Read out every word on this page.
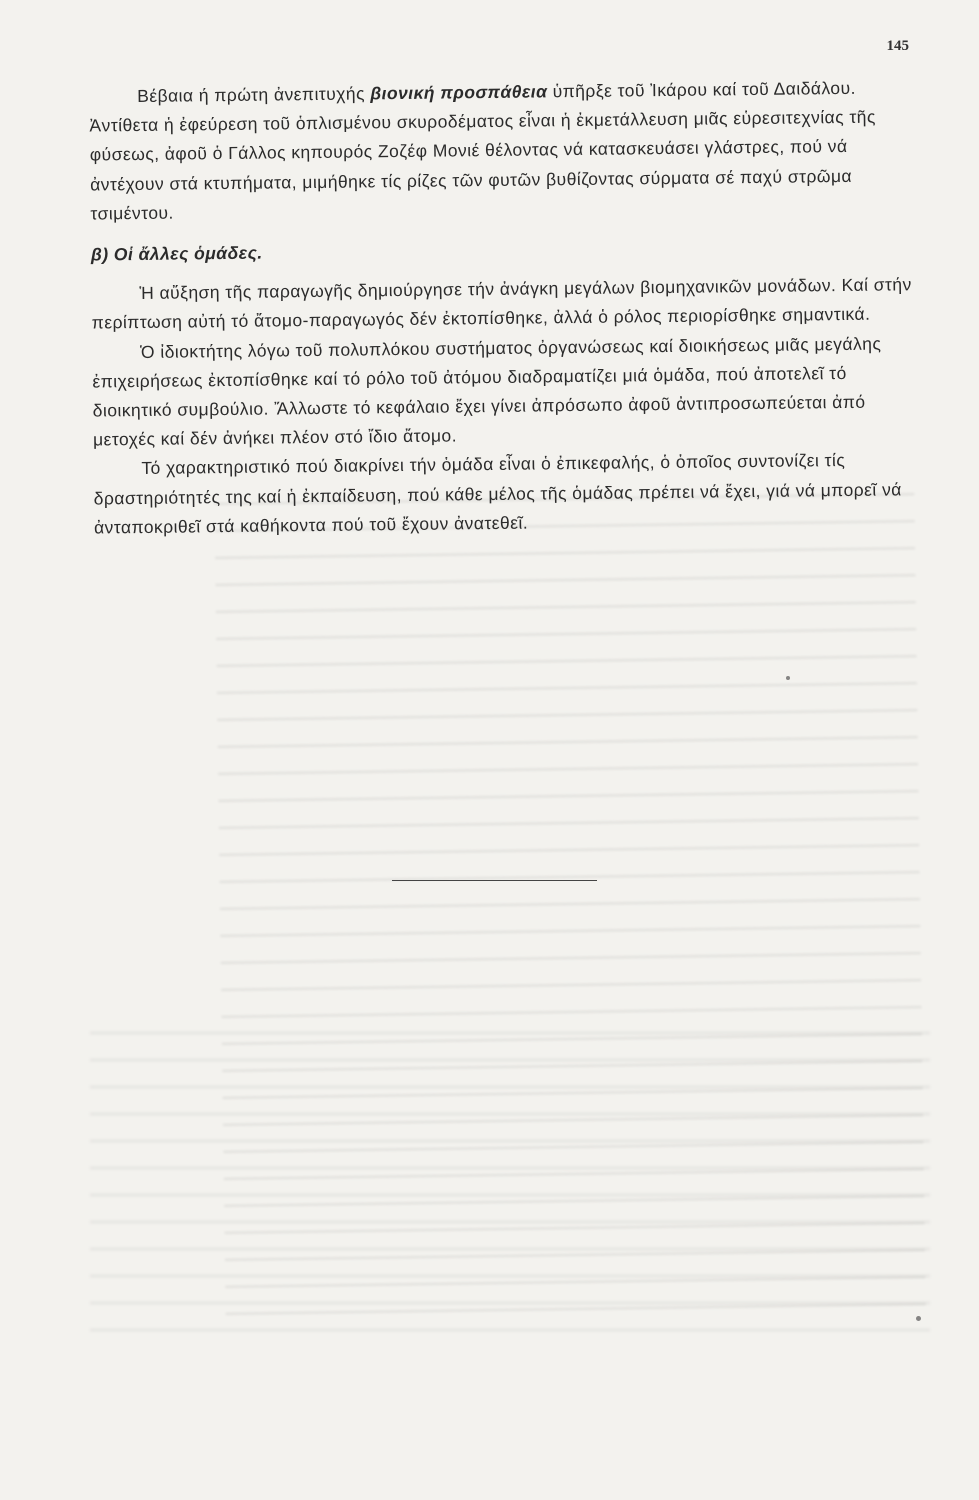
145

Βέβαια ή πρώτη ἀνεπιτυχής βιονική προσπάθεια ὑπῆρξε τοῦ Ἰκάρου καί τοῦ Δαιδάλου. Ἀντίθετα ἡ ἐφεύρεση τοῦ ὁπλισμένου σκυροδέματος εἶναι ἡ ἐκμετάλλευση μιᾶς εὑρεσιτεχνίας τῆς φύσεως, ἀφοῦ ὁ Γάλλος κηπουρός Ζοζέφ Μονιέ θέλοντας νά κατασκευάσει γλάστρες, πού νά ἀντέχουν στά κτυπήματα, μιμήθηκε τίς ρίζες τῶν φυτῶν βυθίζοντας σύρματα σέ παχύ στρῶμα τσιμέντου.

β) Οἱ ἄλλες ὁμάδες.

Ἡ αὔξηση τῆς παραγωγῆς δημιούργησε τήν ἀνάγκη μεγάλων βιομηχανικῶν μονάδων. Καί στήν περίπτωση αὐτή τό ἄτομο-παραγωγός δέν ἐκτοπίσθηκε, ἀλλά ὁ ρόλος περιορίσθηκε σημαντικά.

Ὁ ἰδιοκτήτης λόγω τοῦ πολυπλόκου συστήματος ὀργανώσεως καί διοικήσεως μιᾶς μεγάλης ἐπιχειρήσεως ἐκτοπίσθηκε καί τό ρόλο τοῦ ἀτόμου διαδραματίζει μιά ὁμάδα, πού ἀποτελεῖ τό διοικητικό συμβούλιο. Ἄλλωστε τό κεφάλαιο ἔχει γίνει ἀπρόσωπο ἀφοῦ ἀντιπροσωπεύεται ἀπό μετοχές καί δέν ἀνήκει πλέον στό ἴδιο ἄτομο.

Τό χαρακτηριστικό πού διακρίνει τήν ὁμάδα εἶναι ὁ ἐπικεφαλής, ὁ ὁποῖος συντονίζει τίς δραστηριότητές της καί ἡ ἐκπαίδευση, πού κάθε μέλος τῆς ὁμάδας πρέπει νά ἔχει, γιά νά μπορεῖ νά ἀνταποκριθεῖ στά καθήκοντα πού τοῦ ἔχουν ἀνατεθεῖ.
